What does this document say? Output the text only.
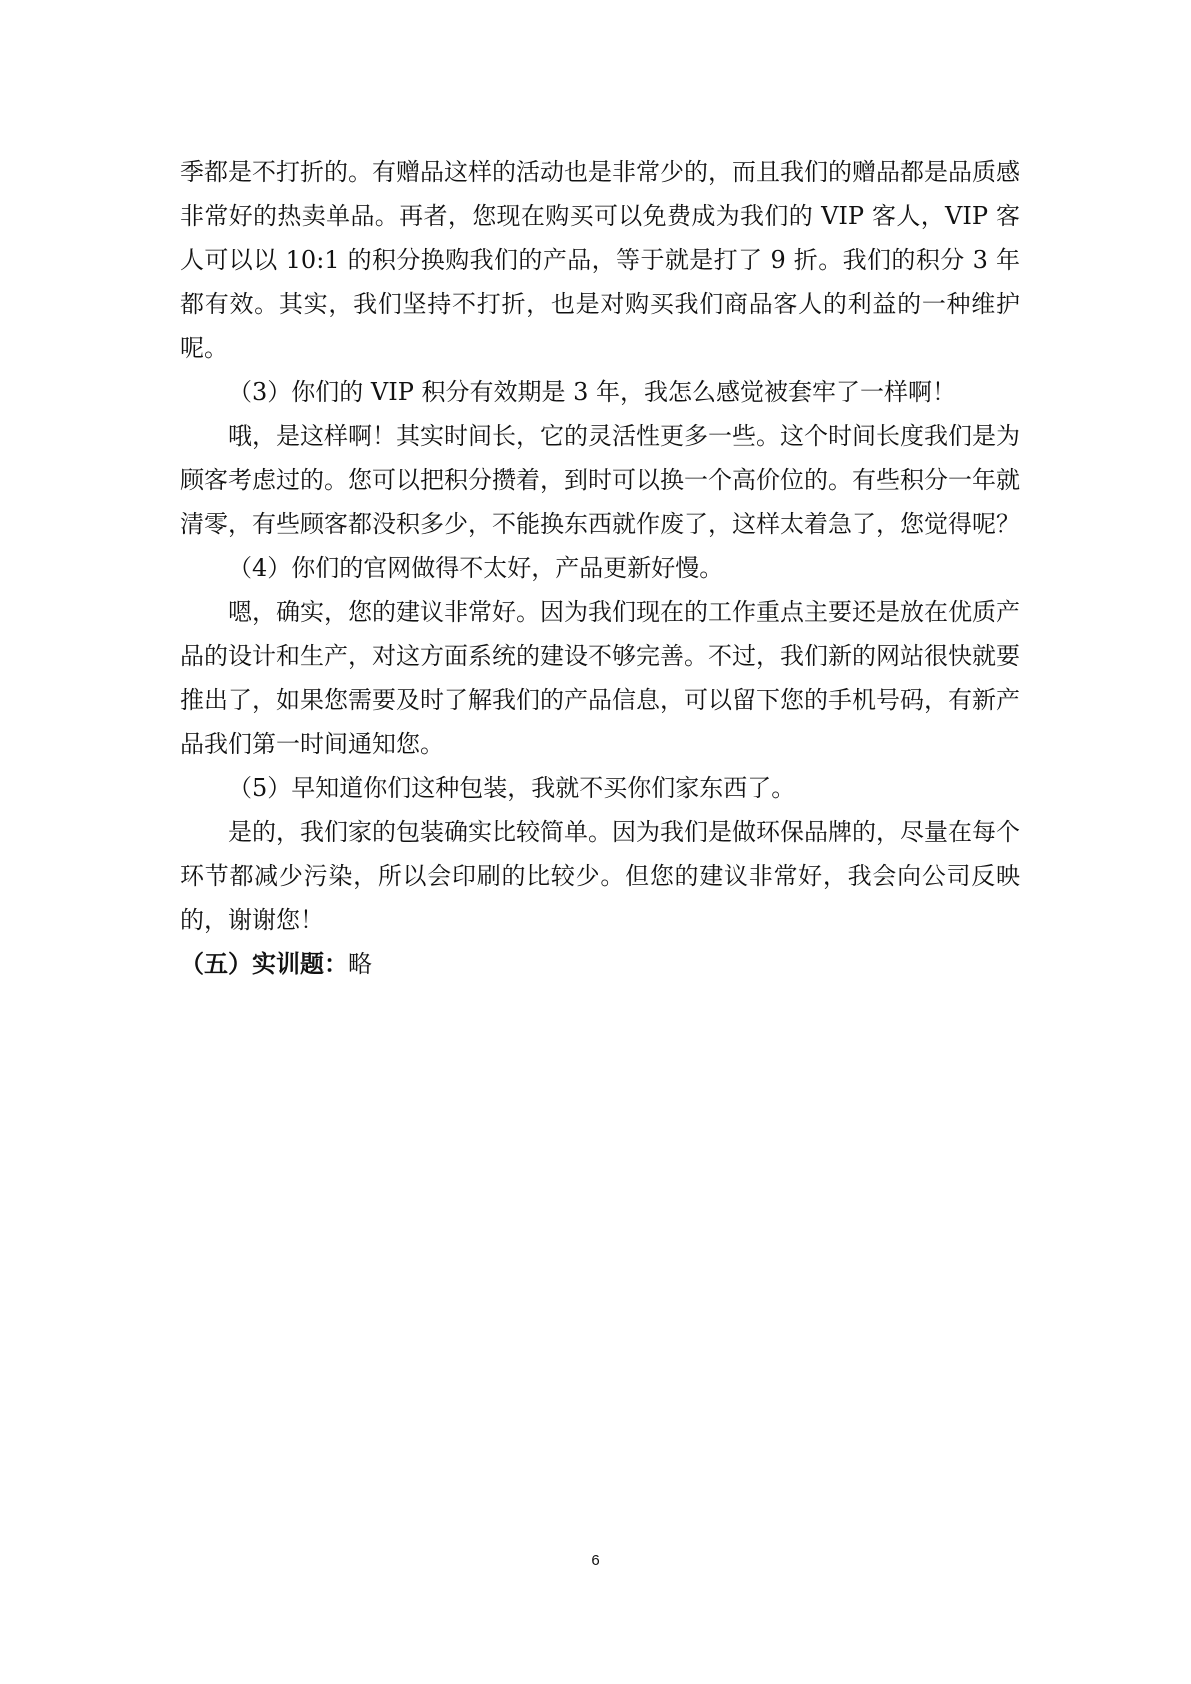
季都是不打折的。有赠品这样的活动也是非常少的，而且我们的赠品都是品质感非常好的热卖单品。再者，您现在购买可以免费成为我们的 VIP 客人，VIP 客人可以以 10:1 的积分换购我们的产品，等于就是打了 9 折。我们的积分 3 年都有效。其实，我们坚持不打折，也是对购买我们商品客人的利益的一种维护呢。

（3）你们的 VIP 积分有效期是 3 年，我怎么感觉被套牢了一样啊！

哦，是这样啊！其实时间长，它的灵活性更多一些。这个时间长度我们是为顾客考虑过的。您可以把积分攒着，到时可以换一个高价位的。有些积分一年就清零，有些顾客都没积多少，不能换东西就作废了，这样太着急了，您觉得呢？

（4）你们的官网做得不太好，产品更新好慢。

嗯，确实，您的建议非常好。因为我们现在的工作重点主要还是放在优质产品的设计和生产，对这方面系统的建设不够完善。不过，我们新的网站很快就要推出了，如果您需要及时了解我们的产品信息，可以留下您的手机号码，有新产品我们第一时间通知您。

（5）早知道你们这种包装，我就不买你们家东西了。

是的，我们家的包装确实比较简单。因为我们是做环保品牌的，尽量在每个环节都减少污染，所以会印刷的比较少。但您的建议非常好，我会向公司反映的，谢谢您！

（五）实训题：略

6
